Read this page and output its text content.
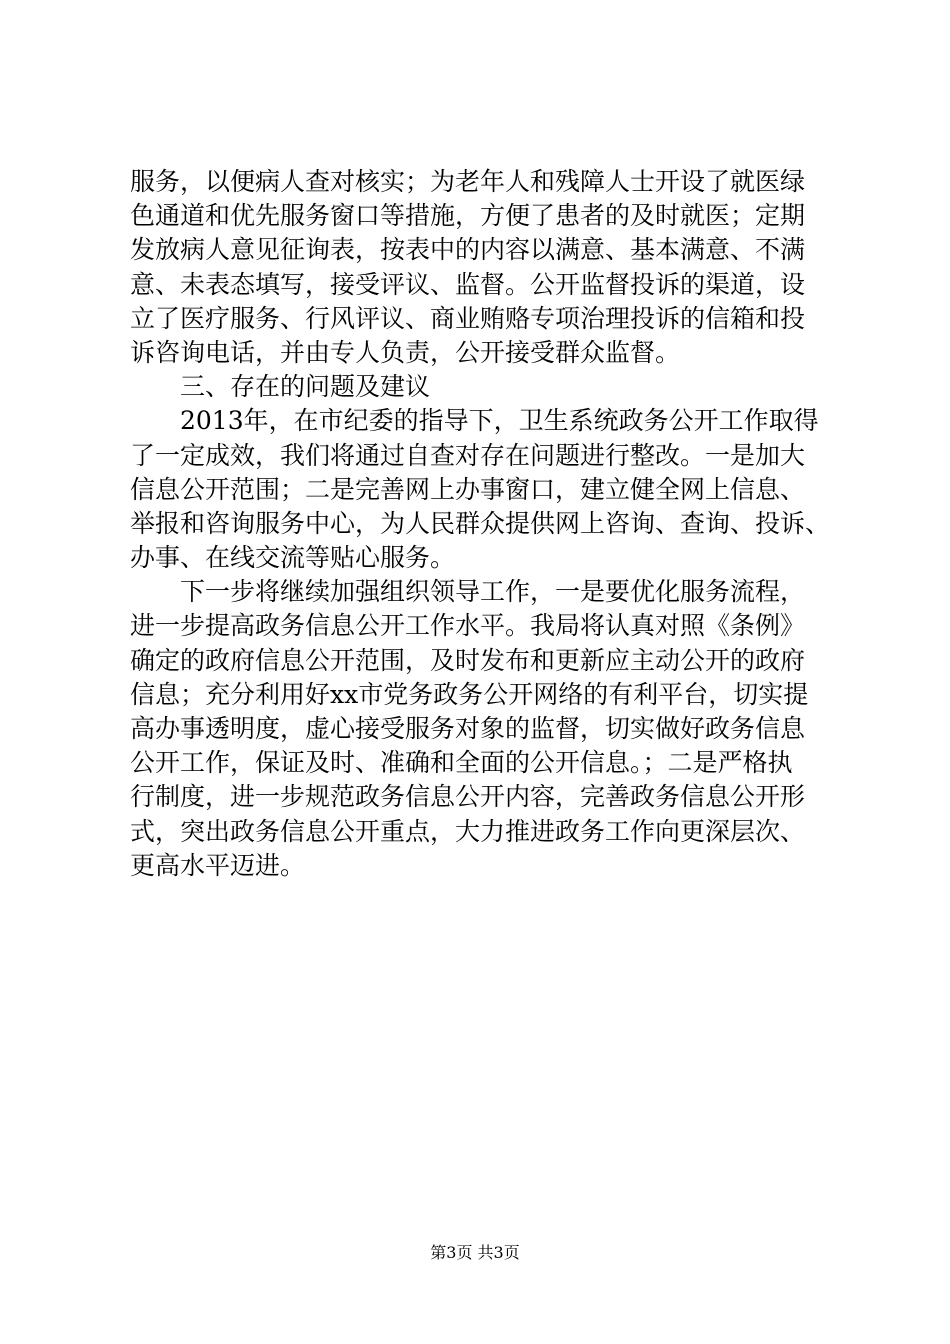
服务，以便病人查对核实；为老年人和残障人士开设了就医绿
色通道和优先服务窗口等措施，方便了患者的及时就医；定期
发放病人意见征询表，按表中的内容以满意、基本满意、不满
意、未表态填写，接受评议、监督。公开监督投诉的渠道，设
立了医疗服务、行风评议、商业贿赂专项治理投诉的信箱和投
诉咨询电话，并由专人负责，公开接受群众监督。
三、存在的问题及建议
2013年，在市纪委的指导下，卫生系统政务公开工作取得
了一定成效，我们将通过自查对存在问题进行整改。一是加大
信息公开范围；二是完善网上办事窗口，建立健全网上信息、
举报和咨询服务中心，为人民群众提供网上咨询、查询、投诉、
办事、在线交流等贴心服务。
下一步将继续加强组织领导工作，一是要优化服务流程，
进一步提高政务信息公开工作水平。我局将认真对照《条例》
确定的政府信息公开范围，及时发布和更新应主动公开的政府
信息；充分利用好xx市党务政务公开网络的有利平台，切实提
高办事透明度，虚心接受服务对象的监督，切实做好政务信息
公开工作，保证及时、准确和全面的公开信息。；二是严格执
行制度，进一步规范政务信息公开内容，完善政务信息公开形
式，突出政务信息公开重点，大力推进政务工作向更深层次、
更高水平迈进。
第3页 共3页
